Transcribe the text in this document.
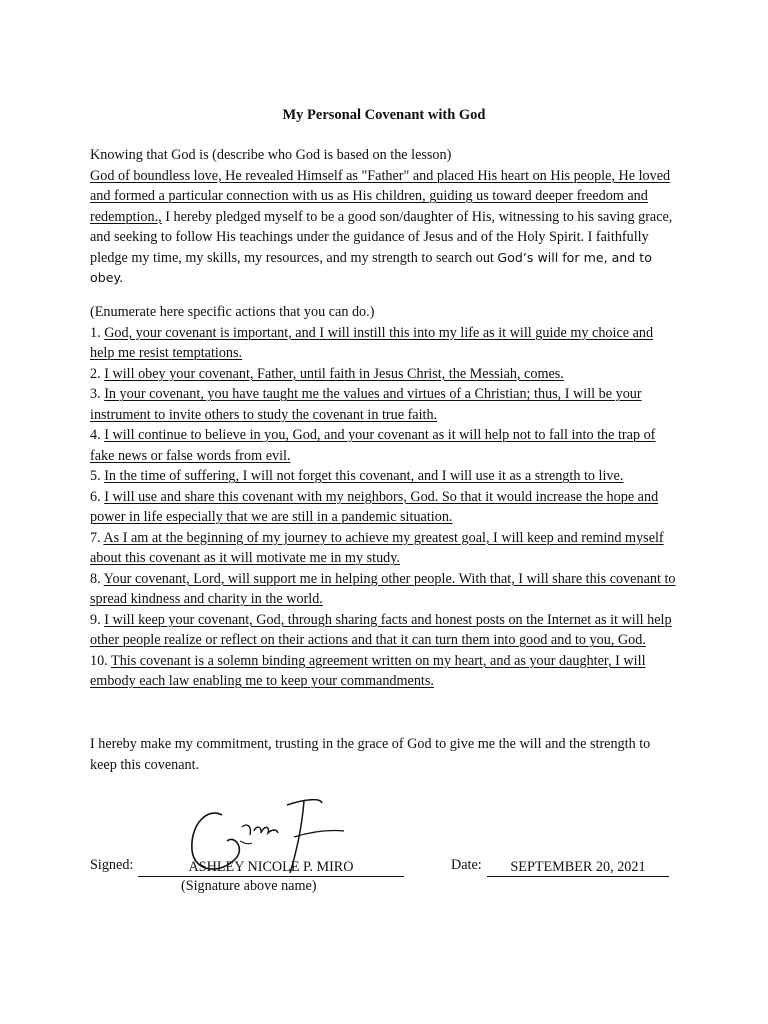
My Personal Covenant with God

Knowing that God is (describe who God is based on the lesson)
God of boundless love, He revealed Himself as "Father" and placed His heart on His people, He loved and formed a particular connection with us as His children, guiding us toward deeper freedom and redemption., I hereby pledged myself to be a good son/daughter of His, witnessing to his saving grace, and seeking to follow His teachings under the guidance of Jesus and of the Holy Spirit. I faithfully pledge my time, my skills, my resources, and my strength to search out God’s will for me, and to obey.

(Enumerate here specific actions that you can do.)
1. God, your covenant is important, and I will instill this into my life as it will guide my choice and help me resist temptations.
2. I will obey your covenant, Father, until faith in Jesus Christ, the Messiah, comes.
3. In your covenant, you have taught me the values and virtues of a Christian; thus, I will be your instrument to invite others to study the covenant in true faith.
4. I will continue to believe in you, God, and your covenant as it will help not to fall into the trap of fake news or false words from evil.
5. In the time of suffering, I will not forget this covenant, and I will use it as a strength to live.
6. I will use and share this covenant with my neighbors, God. So that it would increase the hope and power in life especially that we are still in a pandemic situation.
7. As I am at the beginning of my journey to achieve my greatest goal, I will keep and remind myself about this covenant as it will motivate me in my study.
8. Your covenant, Lord, will support me in helping other people. With that, I will share this covenant to spread kindness and charity in the world.
9. I will keep your covenant, God, through sharing facts and honest posts on the Internet as it will help other people realize or reflect on their actions and that it can turn them into good and to you, God.
10. This covenant is a solemn binding agreement written on my heart, and as your daughter, I will embody each law enabling me to keep your commandments.

I hereby make my commitment, trusting in the grace of God to give me the will and the strength to keep this covenant.

Signed:	ASHLEY NICOLE P. MIRO	Date:	SEPTEMBER 20, 2021
(Signature above name)
